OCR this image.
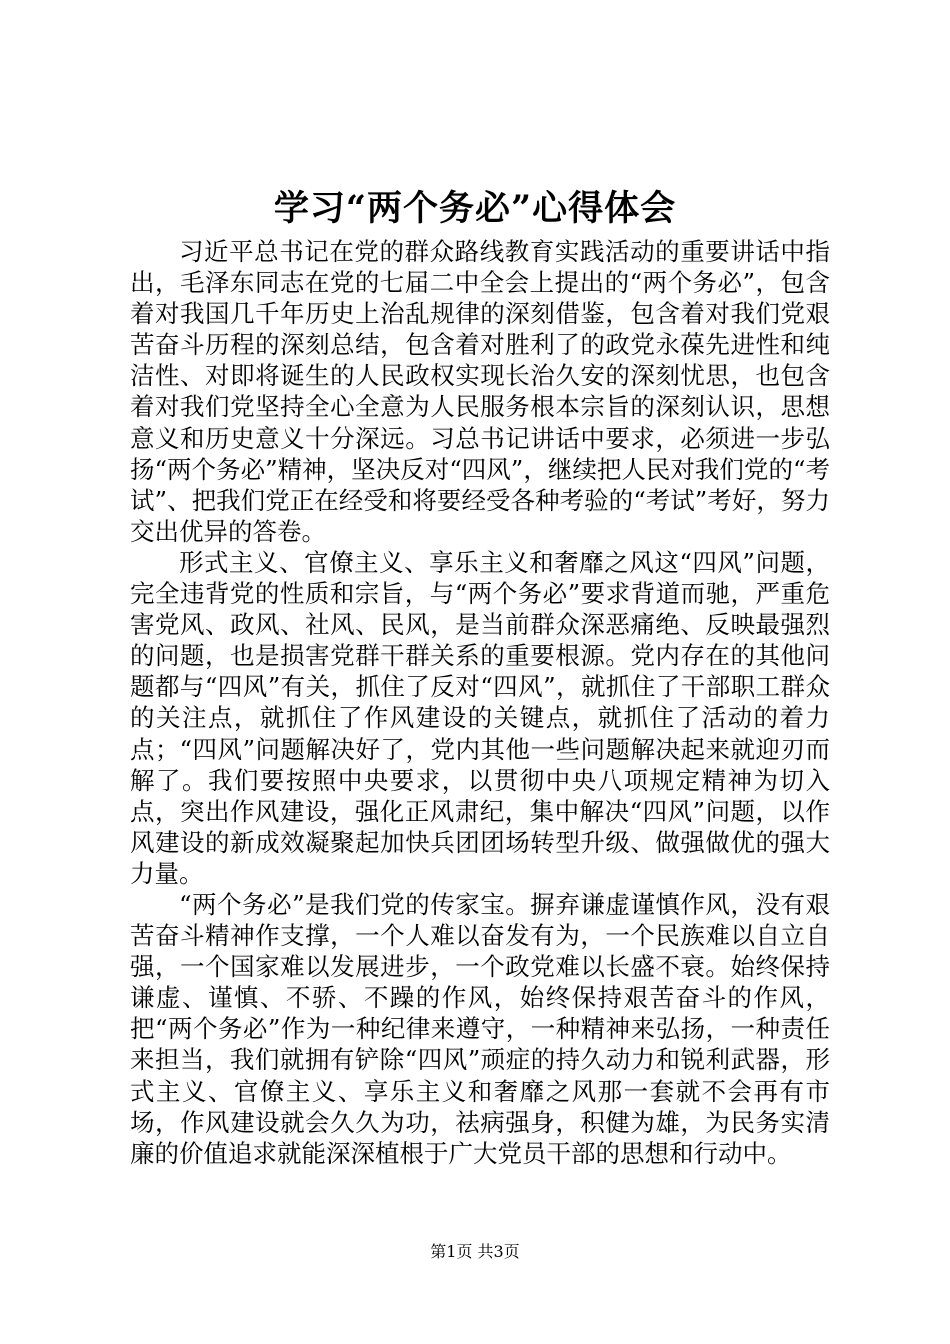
学习“两个务必”心得体会

习近平总书记在党的群众路线教育实践活动的重要讲话中指出，毛泽东同志在党的七届二中全会上提出的“两个务必”，包含着对我国几千年历史上治乱规律的深刻借鉴，包含着对我们党艰苦奋斗历程的深刻总结，包含着对胜利了的政党永葆先进性和纯洁性、对即将诞生的人民政权实现长治久安的深刻忧思，也包含着对我们党坚持全心全意为人民服务根本宗旨的深刻认识，思想意义和历史意义十分深远。习总书记讲话中要求，必须进一步弘扬“两个务必”精神，坚决反对“四风”，继续把人民对我们党的“考试”、把我们党正在经受和将要经受各种考验的“考试”考好，努力交出优异的答卷。

形式主义、官僚主义、享乐主义和奢靡之风这“四风”问题，完全违背党的性质和宗旨，与“两个务必”要求背道而驰，严重危害党风、政风、社风、民风，是当前群众深恶痛绝、反映最强烈的问题，也是损害党群干群关系的重要根源。党内存在的其他问题都与“四风”有关，抓住了反对“四风”，就抓住了干部职工群众的关注点，就抓住了作风建设的关键点，就抓住了活动的着力点；“四风”问题解决好了，党内其他一些问题解决起来就迎刃而解了。我们要按照中央要求，以贯彻中央八项规定精神为切入点，突出作风建设，强化正风肃纪，集中解决“四风”问题，以作风建设的新成效凝聚起加快兵团团场转型升级、做强做优的强大力量。

“两个务必”是我们党的传家宝。摒弃谦虚谨慎作风，没有艰苦奋斗精神作支撑，一个人难以奋发有为，一个民族难以自立自强，一个国家难以发展进步，一个政党难以长盛不衰。始终保持谦虚、谨慎、不骄、不躁的作风，始终保持艰苦奋斗的作风，把“两个务必”作为一种纪律来遵守，一种精神来弘扬，一种责任来担当，我们就拥有铲除“四风”顽症的持久动力和锐利武器，形式主义、官僚主义、享乐主义和奢靡之风那一套就不会再有市场，作风建设就会久久为功，祛病强身，积健为雄，为民务实清廉的价值追求就能深深植根于广大党员干部的思想和行动中。

第1页 共3页
